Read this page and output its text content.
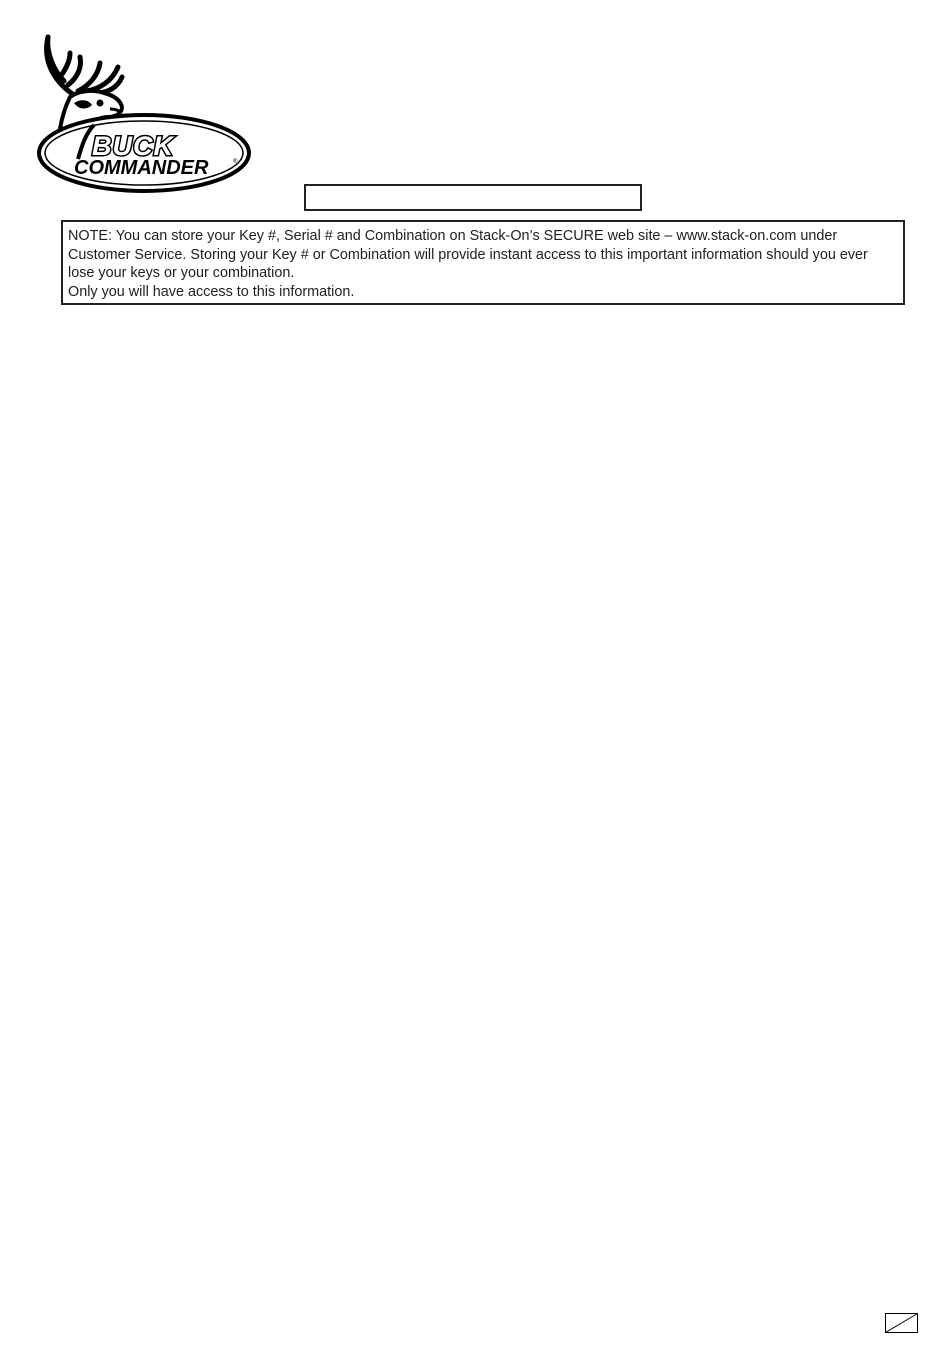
BUCK
COMMANDER	®

NOTE: You can store your Key #, Serial # and Combination on Stack-On’s SECURE web site – www.stack-on.com under Customer Service. Storing your Key # or Combination will provide instant access to this important information should you ever lose your keys or your combination.

Only you will have access to this information.
